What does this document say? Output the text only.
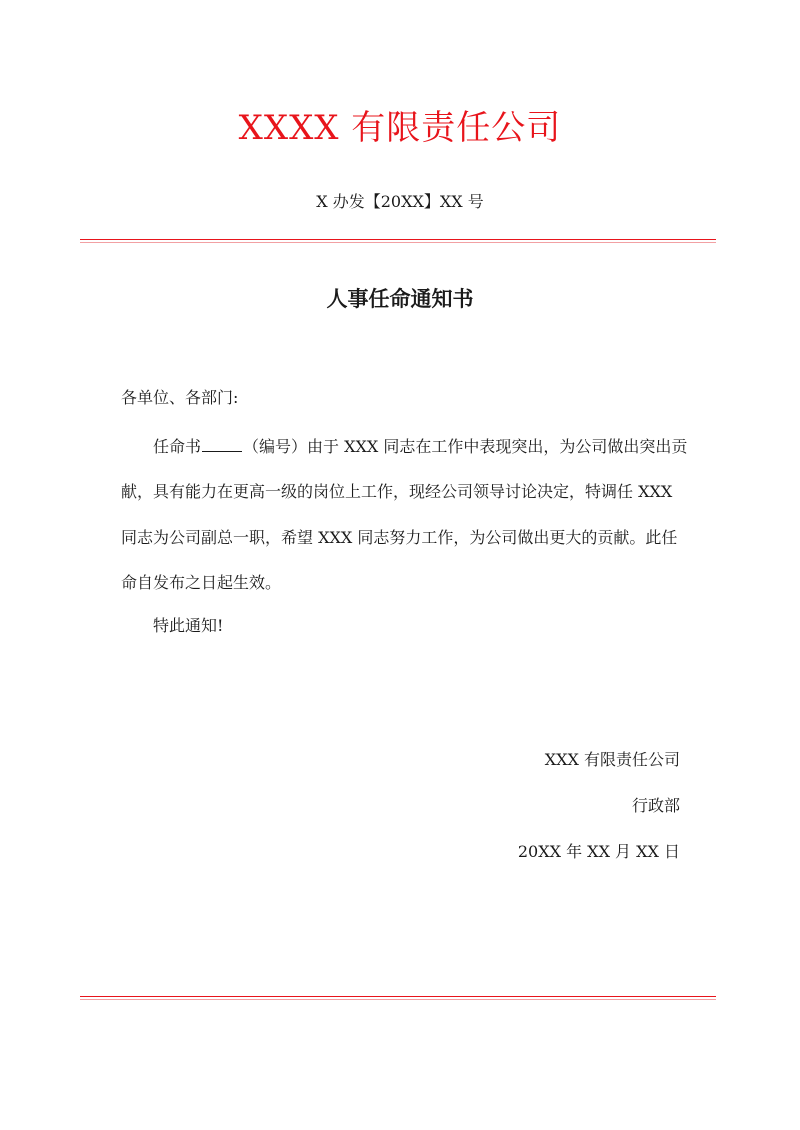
XXXX 有限责任公司
X 办发【20XX】XX 号
人事任命通知书
各单位、各部门:
任命书	（编号）由于 XXX 同志在工作中表现突出，为公司做出突出贡
献，具有能力在更高一级的岗位上工作，现经公司领导讨论决定，特调任 XXX
同志为公司副总一职，希望 XXX 同志努力工作，为公司做出更大的贡献。此任
命自发布之日起生效。
特此通知!
XXX 有限责任公司
行政部
20XX 年 XX 月 XX 日
